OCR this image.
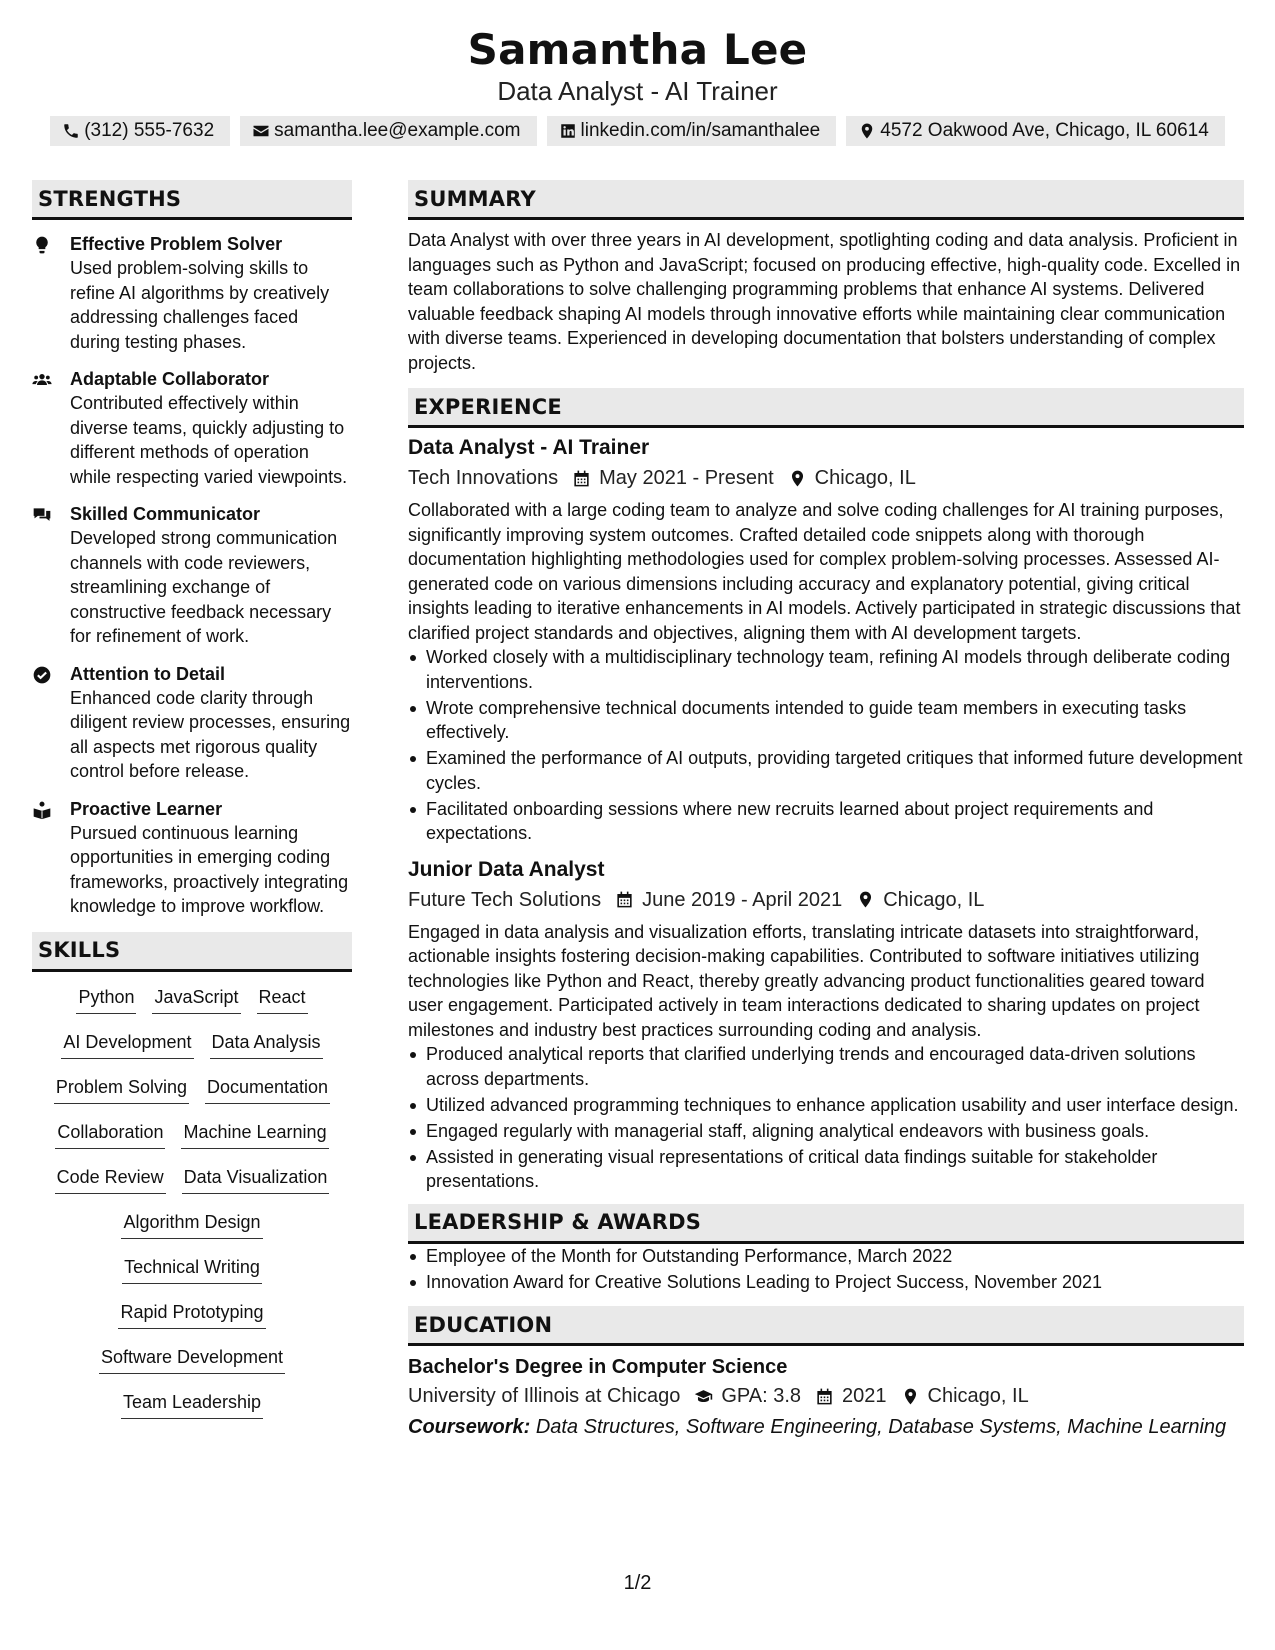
Samantha Lee
Data Analyst - AI Trainer
(312) 555-7632	samantha.lee@example.com	linkedin.com/in/samanthalee	4572 Oakwood Ave, Chicago, IL 60614
STRENGTHS
Effective Problem Solver
Used problem-solving skills to refine AI algorithms by creatively addressing challenges faced during testing phases.
Adaptable Collaborator
Contributed effectively within diverse teams, quickly adjusting to different methods of operation while respecting varied viewpoints.
Skilled Communicator
Developed strong communication channels with code reviewers, streamlining exchange of constructive feedback necessary for refinement of work.
Attention to Detail
Enhanced code clarity through diligent review processes, ensuring all aspects met rigorous quality control before release.
Proactive Learner
Pursued continuous learning opportunities in emerging coding frameworks, proactively integrating knowledge to improve workflow.
SKILLS
Python JavaScript React
AI Development Data Analysis
Problem Solving Documentation
Collaboration Machine Learning
Code Review Data Visualization
Algorithm Design
Technical Writing
Rapid Prototyping
Software Development
Team Leadership
SUMMARY
Data Analyst with over three years in AI development, spotlighting coding and data analysis. Proficient in languages such as Python and JavaScript; focused on producing effective, high-quality code. Excelled in team collaborations to solve challenging programming problems that enhance AI systems. Delivered valuable feedback shaping AI models through innovative efforts while maintaining clear communication with diverse teams. Experienced in developing documentation that bolsters understanding of complex projects.
EXPERIENCE
Data Analyst - AI Trainer
Tech Innovations May 2021 - Present Chicago, IL
Collaborated with a large coding team to analyze and solve coding challenges for AI training purposes, significantly improving system outcomes. Crafted detailed code snippets along with thorough documentation highlighting methodologies used for complex problem-solving processes. Assessed AI-generated code on various dimensions including accuracy and explanatory potential, giving critical insights leading to iterative enhancements in AI models. Actively participated in strategic discussions that clarified project standards and objectives, aligning them with AI development targets.
Worked closely with a multidisciplinary technology team, refining AI models through deliberate coding interventions.
Wrote comprehensive technical documents intended to guide team members in executing tasks effectively.
Examined the performance of AI outputs, providing targeted critiques that informed future development cycles.
Facilitated onboarding sessions where new recruits learned about project requirements and expectations.
Junior Data Analyst
Future Tech Solutions June 2019 - April 2021 Chicago, IL
Engaged in data analysis and visualization efforts, translating intricate datasets into straightforward, actionable insights fostering decision-making capabilities. Contributed to software initiatives utilizing technologies like Python and React, thereby greatly advancing product functionalities geared toward user engagement. Participated actively in team interactions dedicated to sharing updates on project milestones and industry best practices surrounding coding and analysis.
Produced analytical reports that clarified underlying trends and encouraged data-driven solutions across departments.
Utilized advanced programming techniques to enhance application usability and user interface design.
Engaged regularly with managerial staff, aligning analytical endeavors with business goals.
Assisted in generating visual representations of critical data findings suitable for stakeholder presentations.
LEADERSHIP & AWARDS
Employee of the Month for Outstanding Performance, March 2022
Innovation Award for Creative Solutions Leading to Project Success, November 2021
EDUCATION
Bachelor's Degree in Computer Science
University of Illinois at Chicago GPA: 3.8 2021 Chicago, IL
Coursework: Data Structures, Software Engineering, Database Systems, Machine Learning
1/2
